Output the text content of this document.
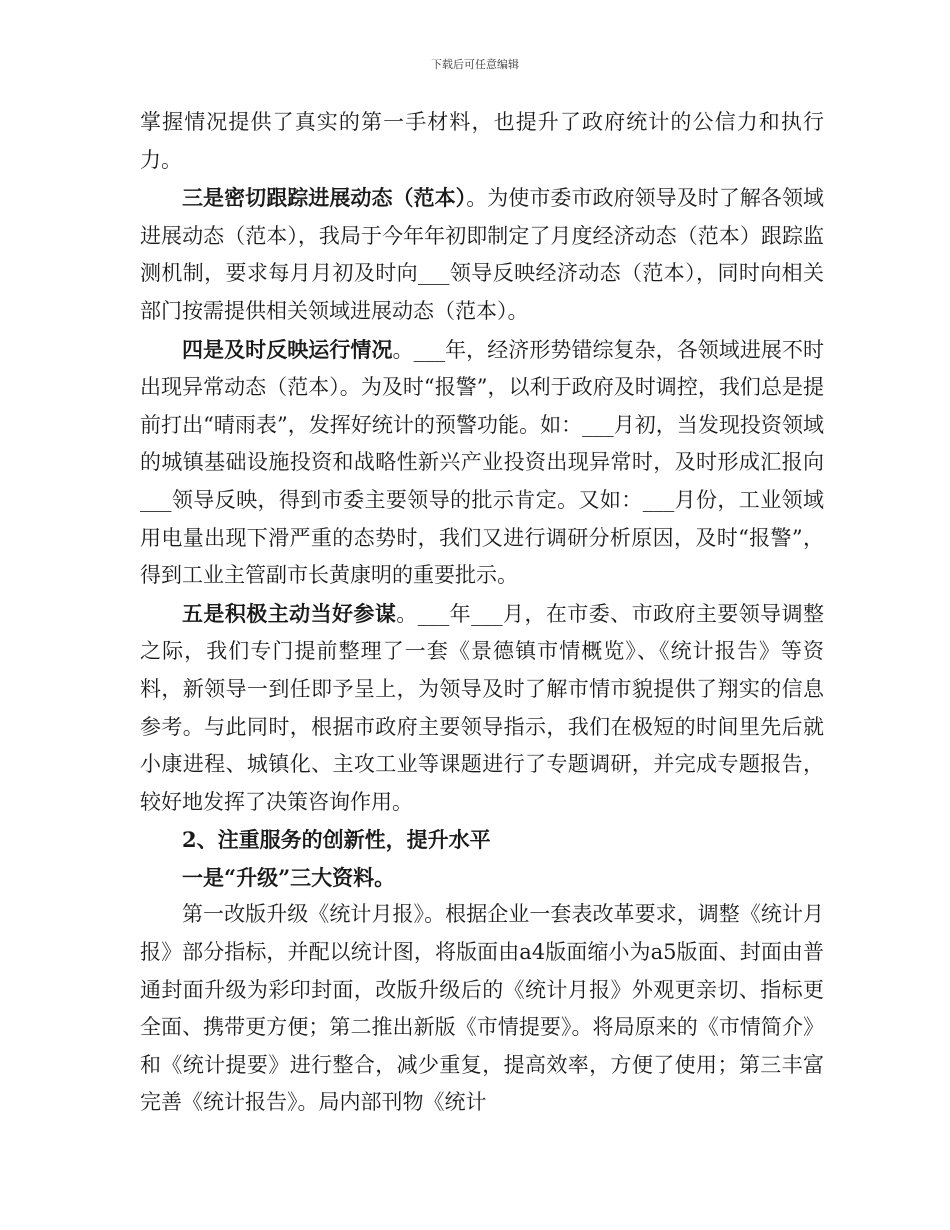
下载后可任意编辑

掌握情况提供了真实的第一手材料，也提升了政府统计的公信力和执行力。

三是密切跟踪进展动态（范本）。为使市委市政府领导及时了解各领域进展动态（范本），我局于今年年初即制定了月度经济动态（范本）跟踪监测机制，要求每月月初及时向___领导反映经济动态（范本），同时向相关部门按需提供相关领域进展动态（范本）。

四是及时反映运行情况。___年，经济形势错综复杂，各领域进展不时出现异常动态（范本）。为及时“报警”，以利于政府及时调控，我们总是提前打出“晴雨表”，发挥好统计的预警功能。如：___月初，当发现投资领域的城镇基础设施投资和战略性新兴产业投资出现异常时，及时形成汇报向___领导反映，得到市委主要领导的批示肯定。又如：___月份，工业领域用电量出现下滑严重的态势时，我们又进行调研分析原因，及时“报警”，得到工业主管副市长黄康明的重要批示。

五是积极主动当好参谋。___年___月，在市委、市政府主要领导调整之际，我们专门提前整理了一套《景德镇市情概览》、《统计报告》等资料，新领导一到任即予呈上，为领导及时了解市情市貌提供了翔实的信息参考。与此同时，根据市政府主要领导指示，我们在极短的时间里先后就小康进程、城镇化、主攻工业等课题进行了专题调研，并完成专题报告，较好地发挥了决策咨询作用。

2、注重服务的创新性，提升水平

一是“升级”三大资料。

第一改版升级《统计月报》。根据企业一套表改革要求，调整《统计月报》部分指标，并配以统计图，将版面由a4版面缩小为a5版面、封面由普通封面升级为彩印封面，改版升级后的《统计月报》外观更亲切、指标更全面、携带更方便；第二推出新版《市情提要》。将局原来的《市情简介》和《统计提要》进行整合，减少重复，提高效率，方便了使用；第三丰富完善《统计报告》。局内部刊物《统计
